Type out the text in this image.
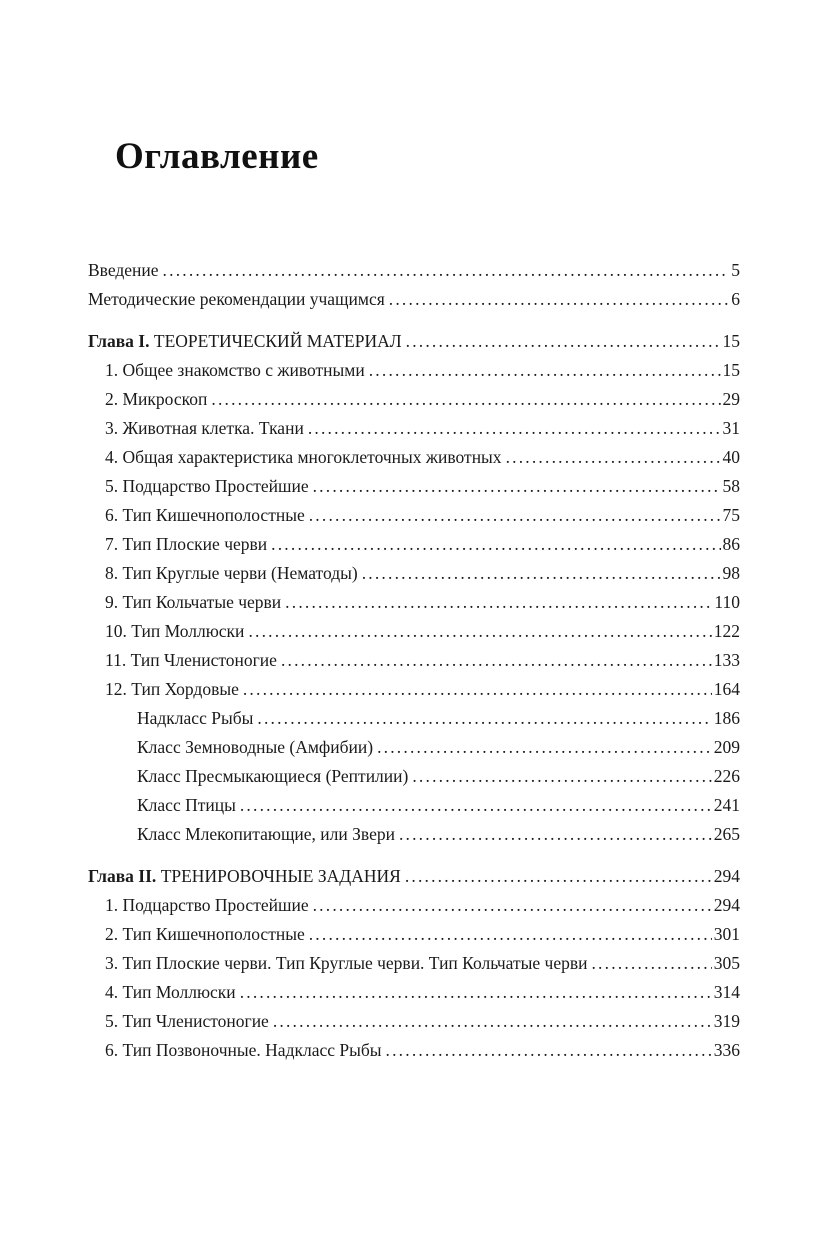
Оглавление
Введение .....	5
Методические рекомендации учащимся .....	6
Глава I. ТЕОРЕТИЧЕСКИЙ МАТЕРИАЛ .....	15
1. Общее знакомство с животными .....	15
2. Микроскоп .....	29
3. Животная клетка. Ткани .....	31
4. Общая характеристика многоклеточных животных .....	40
5. Подцарство Простейшие .....	58
6. Тип Кишечнополостные .....	75
7. Тип Плоские черви .....	86
8. Тип Круглые черви (Нематоды) .....	98
9. Тип Кольчатые черви .....	110
10. Тип Моллюски .....	122
11. Тип Членистоногие .....	133
12. Тип Хордовые .....	164
Надкласс Рыбы .....	186
Класс Земноводные (Амфибии) .....	209
Класс Пресмыкающиеся (Рептилии) .....	226
Класс Птицы .....	241
Класс Млекопитающие, или Звери .....	265
Глава II. ТРЕНИРОВОЧНЫЕ ЗАДАНИЯ .....	294
1. Подцарство Простейшие .....	294
2. Тип Кишечнополостные .....	301
3. Тип Плоские черви. Тип Круглые черви. Тип Кольчатые черви .....	305
4. Тип Моллюски .....	314
5. Тип Членистоногие .....	319
6. Тип Позвоночные. Надкласс Рыбы .....	336
